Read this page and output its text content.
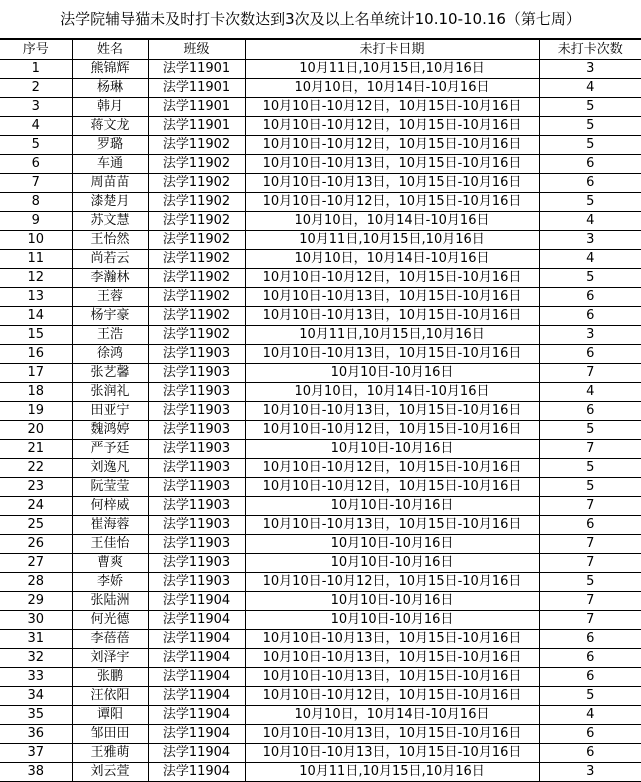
法学院辅导猫未及时打卡次数达到3次及以上名单统计10.10-10.16（第七周）
序号	姓名	班级	未打卡日期	未打卡次数
1	熊锦辉	法学11901	10月11日,10月15日,10月16日	3
2	杨琳	法学11901	10月10日，10月14日-10月16日	4
3	韩月	法学11901	10月10日-10月12日，10月15日-10月16日	5
4	蒋文龙	法学11901	10月10日-10月12日，10月15日-10月16日	5
5	罗璐	法学11902	10月10日-10月12日，10月15日-10月16日	5
6	车通	法学11902	10月10日-10月13日，10月15日-10月16日	6
7	周苗苗	法学11902	10月10日-10月13日，10月15日-10月16日	6
8	漆楚月	法学11902	10月10日-10月12日，10月15日-10月16日	5
9	苏文慧	法学11902	10月10日，10月14日-10月16日	4
10	王怡然	法学11902	10月11日,10月15日,10月16日	3
11	尚若云	法学11902	10月10日，10月14日-10月16日	4
12	李瀚林	法学11902	10月10日-10月12日，10月15日-10月16日	5
13	王蓉	法学11902	10月10日-10月13日，10月15日-10月16日	6
14	杨宇豪	法学11902	10月10日-10月13日，10月15日-10月16日	6
15	王浩	法学11902	10月11日,10月15日,10月16日	3
16	徐鸿	法学11903	10月10日-10月13日，10月15日-10月16日	6
17	张艺馨	法学11903	10月10日-10月16日	7
18	张润礼	法学11903	10月10日，10月14日-10月16日	4
19	田亚宁	法学11903	10月10日-10月13日，10月15日-10月16日	6
20	魏鸿婷	法学11903	10月10日-10月12日，10月15日-10月16日	5
21	严予廷	法学11903	10月10日-10月16日	7
22	刘逸凡	法学11903	10月10日-10月12日，10月15日-10月16日	5
23	阮莹莹	法学11903	10月10日-10月12日，10月15日-10月16日	5
24	何梓威	法学11903	10月10日-10月16日	7
25	崔海蓉	法学11903	10月10日-10月13日，10月15日-10月16日	6
26	王佳怡	法学11903	10月10日-10月16日	7
27	曹爽	法学11903	10月10日-10月16日	7
28	李娇	法学11903	10月10日-10月12日，10月15日-10月16日	5
29	张陆洲	法学11904	10月10日-10月16日	7
30	何光德	法学11904	10月10日-10月16日	7
31	李蓓蓓	法学11904	10月10日-10月13日，10月15日-10月16日	6
32	刘泽宇	法学11904	10月10日-10月13日，10月15日-10月16日	6
33	张鹏	法学11904	10月10日-10月13日，10月15日-10月16日	6
34	汪依阳	法学11904	10月10日-10月12日，10月15日-10月16日	5
35	谭阳	法学11904	10月10日，10月14日-10月16日	4
36	邹田田	法学11904	10月10日-10月13日，10月15日-10月16日	6
37	王雅萌	法学11904	10月10日-10月13日，10月15日-10月16日	6
38	刘云萱	法学11904	10月11日,10月15日,10月16日	3
